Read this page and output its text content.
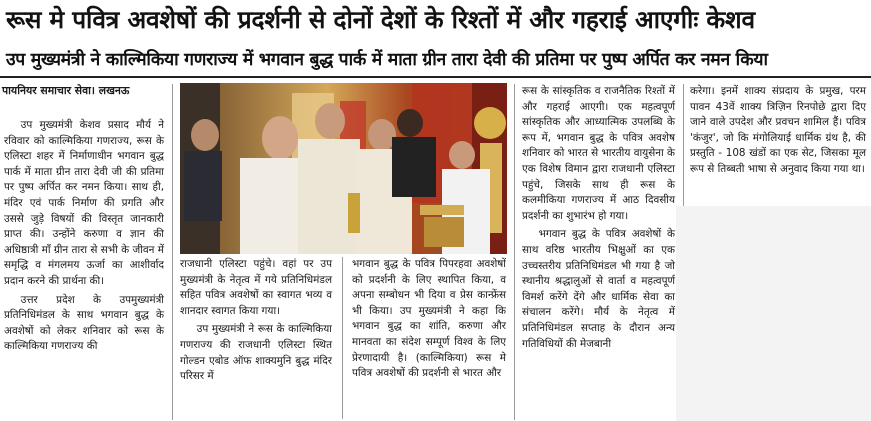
रूस मे पवित्र अवशेषों की प्रदर्शनी से दोनों देशों के रिश्तों में और गहराई आएगीः केशव
उप मुख्यमंत्री ने काल्मिकिया गणराज्य में भगवान बुद्ध पार्क में माता ग्रीन तारा देवी की प्रतिमा पर पुष्प अर्पित कर नमन किया
पायनियर समाचार सेवा। लखनऊ

उप मुख्यमंत्री केशव प्रसाद मौर्य ने रविवार को काल्मिकिया गणराज्य, रूस के एलिस्टा शहर में निर्माणाधीन भगवान बुद्ध पार्क में माता ग्रीन तारा देवी जी की प्रतिमा पर पुष्प अर्पित कर नमन किया। साथ ही, मंदिर एवं पार्क निर्माण की प्रगति और उससे जुड़े विषयों की विस्तृत जानकारी प्राप्त की। उन्होंने करुणा व ज्ञान की अधिष्ठात्री माँ ग्रीन तारा से सभी के जीवन में समृद्धि व मंगलमय ऊर्जा का आशीर्वाद प्रदान करने की प्रार्थना की।

उत्तर प्रदेश के उपमुख्यमंत्री प्रतिनिधिमंडल के साथ भगवान बुद्ध के अवशेषों को लेकर शनिवार को रूस के काल्मिकिया गणराज्य की

राजधानी एलिस्टा पहुंचे। वहां पर उप मुख्यमंत्री के नेतृत्व में गये प्रतिनिधिमंडल सहित पवित्र अवशेषों का स्वागत भव्य व शानदार स्वागत किया गया।

उप मुख्यमंत्री ने रूस के काल्मिकिया गणराज्य की राजधानी एलिस्टा स्थित गोल्डन एबोड ऑफ शाक्यमुनि बुद्ध मंदिर परिसर में

भगवान बुद्ध के पवित्र पिपरहवा अवशेषों को प्रदर्शनी के लिए स्थापित किया, व अपना सम्बोधन भी दिया व प्रेस कान्फ्रेंस भी किया। उप मुख्यमंत्री ने कहा कि भगवान बुद्ध का शांति, करुणा और मानवता का संदेश सम्पूर्ण विश्व के लिए प्रेरणादायी है। (काल्मिकिया) रूस मे पवित्र अवशेषों की प्रदर्शनी से भारत और

रूस के सांस्कृतिक व राजनैतिक रिश्तों में और गहराई आएगी। एक महत्वपूर्ण सांस्कृतिक और आध्यात्मिक उपलब्धि के रूप में, भगवान बुद्ध के पवित्र अवशेष शनिवार को भारत से भारतीय वायुसेना के एक विशेष विमान द्वारा राजधानी एलिस्टा पहुंचे, जिसके साथ ही रूस के कलमीकिया गणराज्य में आठ दिवसीय प्रदर्शनी का शुभारंभ हो गया।

भगवान बुद्ध के पवित्र अवशेषों के साथ वरिष्ठ भारतीय भिक्षुओं का एक उच्चस्तरीय प्रतिनिधिमंडल भी गया है जो स्थानीय श्रद्धालुओं से वार्ता व महत्वपूर्ण विमर्श करेंगे देंगे और धार्मिक सेवा का संचालन करेंगे। मौर्य के नेतृत्व में प्रतिनिधिमंडल सप्ताह के दौरान अन्य गतिविधियों की मेजबानी

करेगा। इनमें शाक्य संप्रदाय के प्रमुख, परम पावन 43वें शाक्य त्रिज़िन रिनपोछे द्वारा दिए जाने वाले उपदेश और प्रवचन शामिल हैं। पवित्र 'कंजुर', जो कि मंगोलियाई धार्मिक ग्रंथ है, की प्रस्तुति - 108 खंडों का एक सेट, जिसका मूल रूप से तिब्बती भाषा से अनुवाद किया गया था।
